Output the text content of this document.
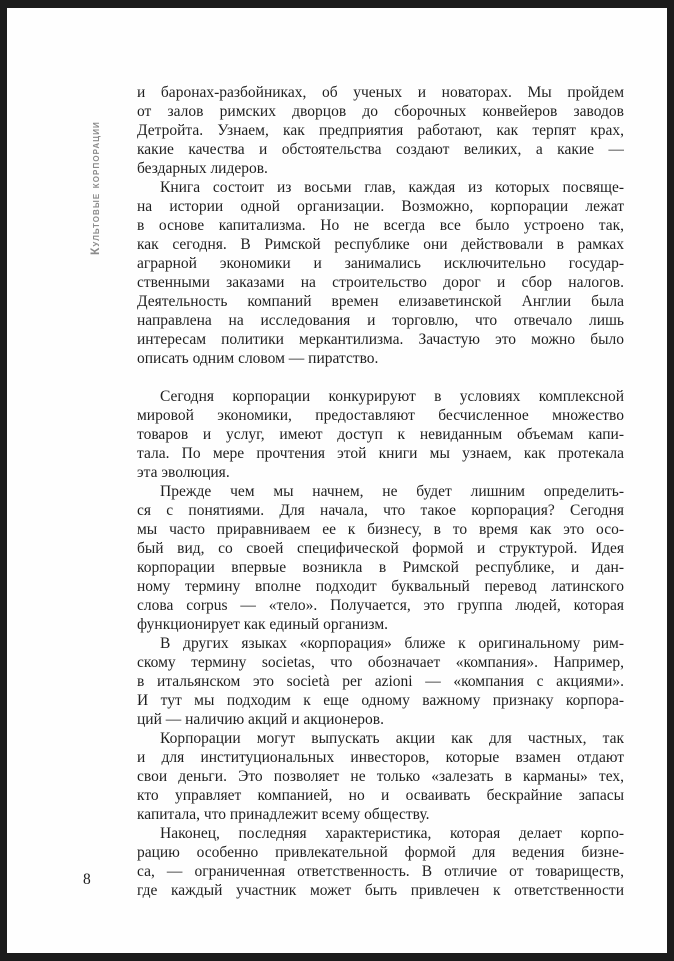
Культовые корпорации
8
и баронах-разбойниках, об ученых и новаторах. Мы пройдем
от залов римских дворцов до сборочных конвейеров заводов
Детройта. Узнаем, как предприятия работают, как терпят крах,
какие качества и обстоятельства создают великих, а какие —
бездарных лидеров.
Книга состоит из восьми глав, каждая из которых посвяще-
на истории одной организации. Возможно, корпорации лежат
в основе капитализма. Но не всегда все было устроено так,
как сегодня. В Римской республике они действовали в рамках
аграрной экономики и занимались исключительно государ-
ственными заказами на строительство дорог и сбор налогов.
Деятельность компаний времен елизаветинской Англии была
направлена на исследования и торговлю, что отвечало лишь
интересам политики меркантилизма. Зачастую это можно было
описать одним словом — пиратство.
Сегодня корпорации конкурируют в условиях комплексной
мировой экономики, предоставляют бесчисленное множество
товаров и услуг, имеют доступ к невиданным объемам капи-
тала. По мере прочтения этой книги мы узнаем, как протекала
эта эволюция.
Прежде чем мы начнем, не будет лишним определить-
ся с понятиями. Для начала, что такое корпорация? Сегодня
мы часто приравниваем ее к бизнесу, в то время как это осо-
бый вид, со своей специфической формой и структурой. Идея
корпорации впервые возникла в Римской республике, и дан-
ному термину вполне подходит буквальный перевод латинского
слова corpus — «тело». Получается, это группа людей, которая
функционирует как единый организм.
В других языках «корпорация» ближе к оригинальному рим-
скому термину societas, что обозначает «компания». Например,
в итальянском это società per azioni — «компания с акциями».
И тут мы подходим к еще одному важному признаку корпора-
ций — наличию акций и акционеров.
Корпорации могут выпускать акции как для частных, так
и для институциональных инвесторов, которые взамен отдают
свои деньги. Это позволяет не только «залезать в карманы» тех,
кто управляет компанией, но и осваивать бескрайние запасы
капитала, что принадлежит всему обществу.
Наконец, последняя характеристика, которая делает корпо-
рацию особенно привлекательной формой для ведения бизне-
са, — ограниченная ответственность. В отличие от товариществ,
где каждый участник может быть привлечен к ответственности
